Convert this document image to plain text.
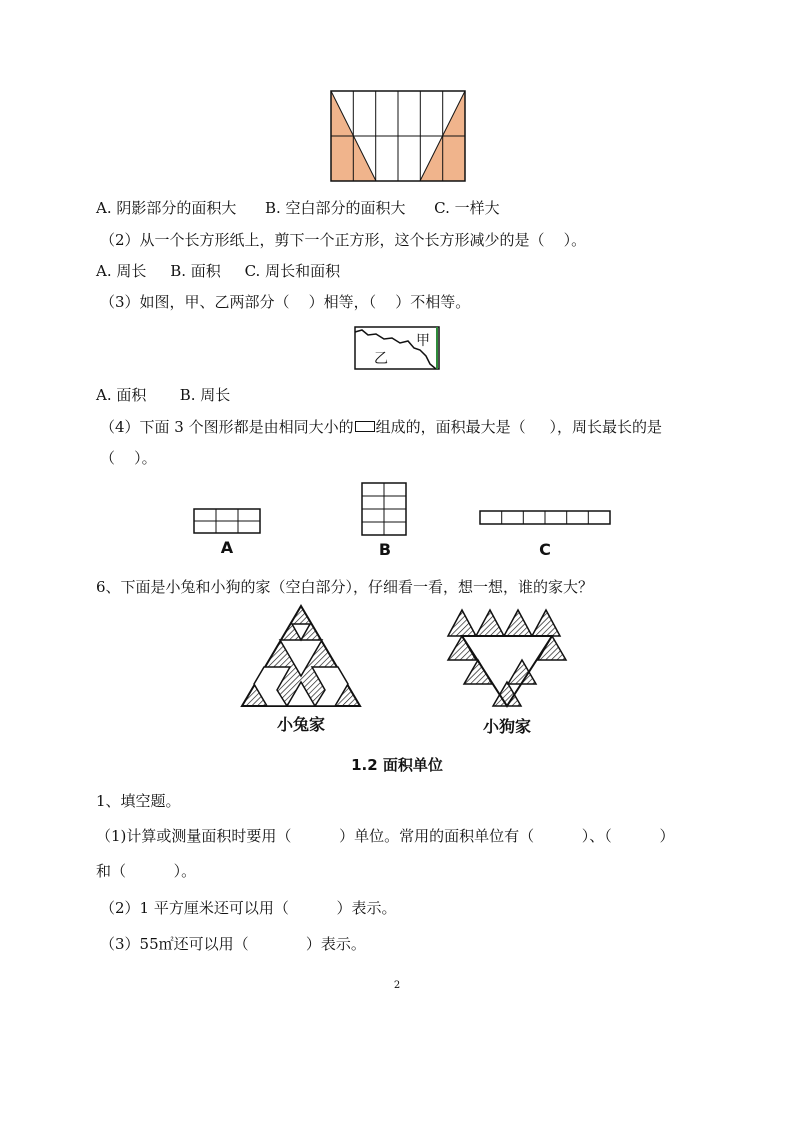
A. 阴影部分的面积大      B. 空白部分的面积大      C. 一样大
（2）从一个长方形纸上，剪下一个正方形，这个长方形减少的是（    ）。
A. 周长     B. 面积     C. 周长和面积
（3）如图，甲、乙两部分（    ）相等，（    ）不相等。
甲
乙
A. 面积       B. 周长
（4）下面 3 个图形都是由相同大小的 组成的，面积最大是（     ），周长最长的是
（    ）。
A	B	C
6、下面是小兔和小狗的家（空白部分），仔细看一看，想一想，谁的家大？
小兔家	小狗家
1.2 面积单位
1、填空题。
（1)计算或测量面积时要用（          ）单位。常用的面积单位有（          ）、（          ）
和（          ）。
（2）1 平方厘米还可以用（          ）表示。
（3）55㎡还可以用（            ）表示。
2
